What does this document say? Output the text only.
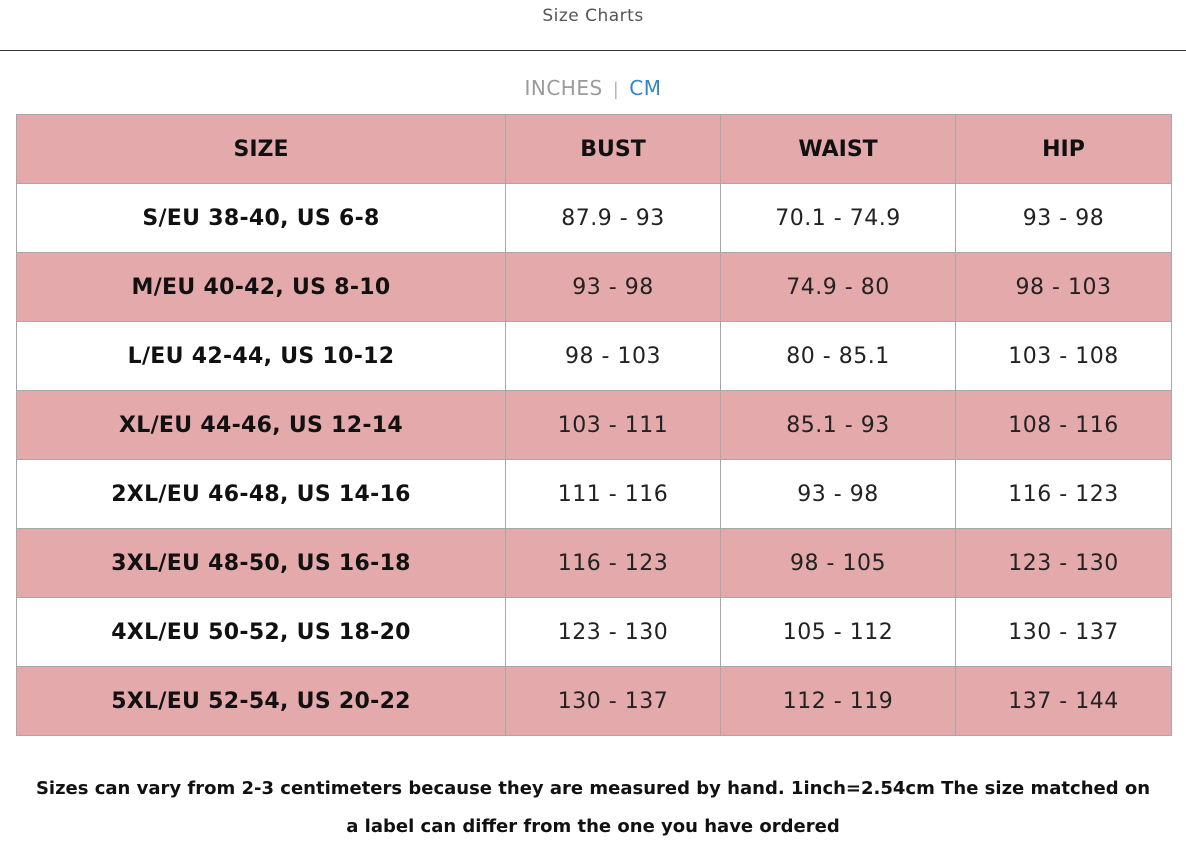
Size Charts
INCHES | CM
SIZE	BUST	WAIST	HIP
S/EU 38-40, US 6-8	87.9 - 93	70.1 - 74.9	93 - 98
M/EU 40-42, US 8-10	93 - 98	74.9 - 80	98 - 103
L/EU 42-44, US 10-12	98 - 103	80 - 85.1	103 - 108
XL/EU 44-46, US 12-14	103 - 111	85.1 - 93	108 - 116
2XL/EU 46-48, US 14-16	111 - 116	93 - 98	116 - 123
3XL/EU 48-50, US 16-18	116 - 123	98 - 105	123 - 130
4XL/EU 50-52, US 18-20	123 - 130	105 - 112	130 - 137
5XL/EU 52-54, US 20-22	130 - 137	112 - 119	137 - 144
Sizes can vary from 2-3 centimeters because they are measured by hand. 1inch=2.54cm The size matched on a label can differ from the one you have ordered
